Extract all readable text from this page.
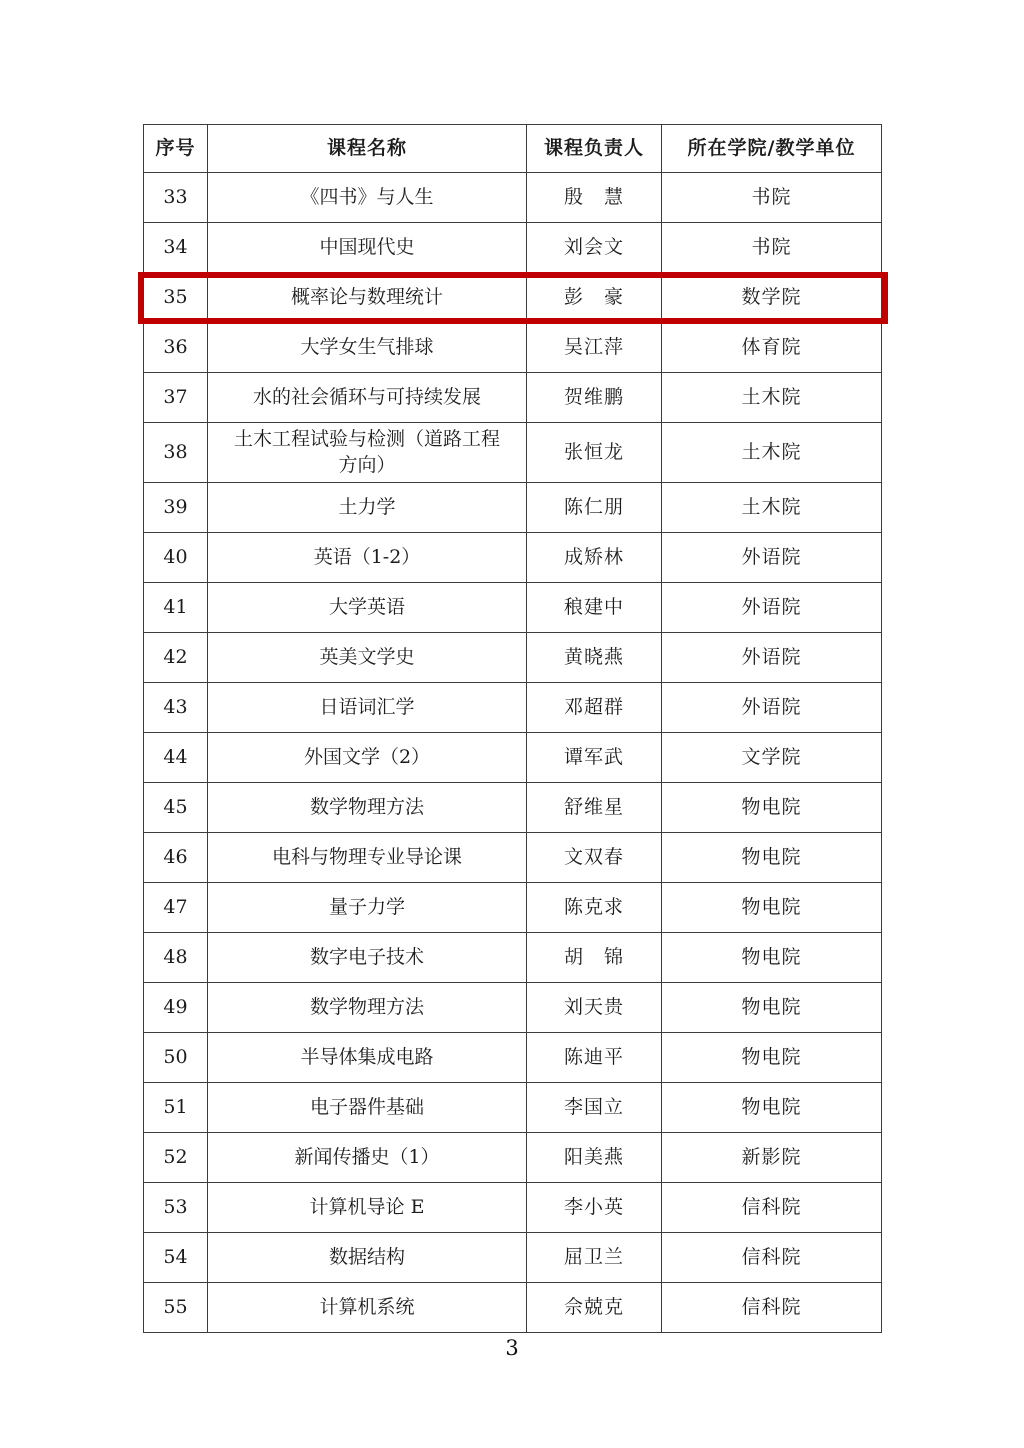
序号	课程名称	课程负责人	所在学院/教学单位
33	《四书》与人生	殷　慧	书院
34	中国现代史	刘会文	书院
35	概率论与数理统计	彭　豪	数学院
36	大学女生气排球	吴江萍	体育院
37	水的社会循环与可持续发展	贺维鹏	土木院
38	土木工程试验与检测（道路工程方向）	张恒龙	土木院
39	土力学	陈仁朋	土木院
40	英语（1-2）	成矫林	外语院
41	大学英语	稂建中	外语院
42	英美文学史	黄晓燕	外语院
43	日语词汇学	邓超群	外语院
44	外国文学（2）	谭军武	文学院
45	数学物理方法	舒维星	物电院
46	电科与物理专业导论课	文双春	物电院
47	量子力学	陈克求	物电院
48	数字电子技术	胡　锦	物电院
49	数学物理方法	刘天贵	物电院
50	半导体集成电路	陈迪平	物电院
51	电子器件基础	李国立	物电院
52	新闻传播史（1）	阳美燕	新影院
53	计算机导论 E	李小英	信科院
54	数据结构	屈卫兰	信科院
55	计算机系统	佘兢克	信科院
3
